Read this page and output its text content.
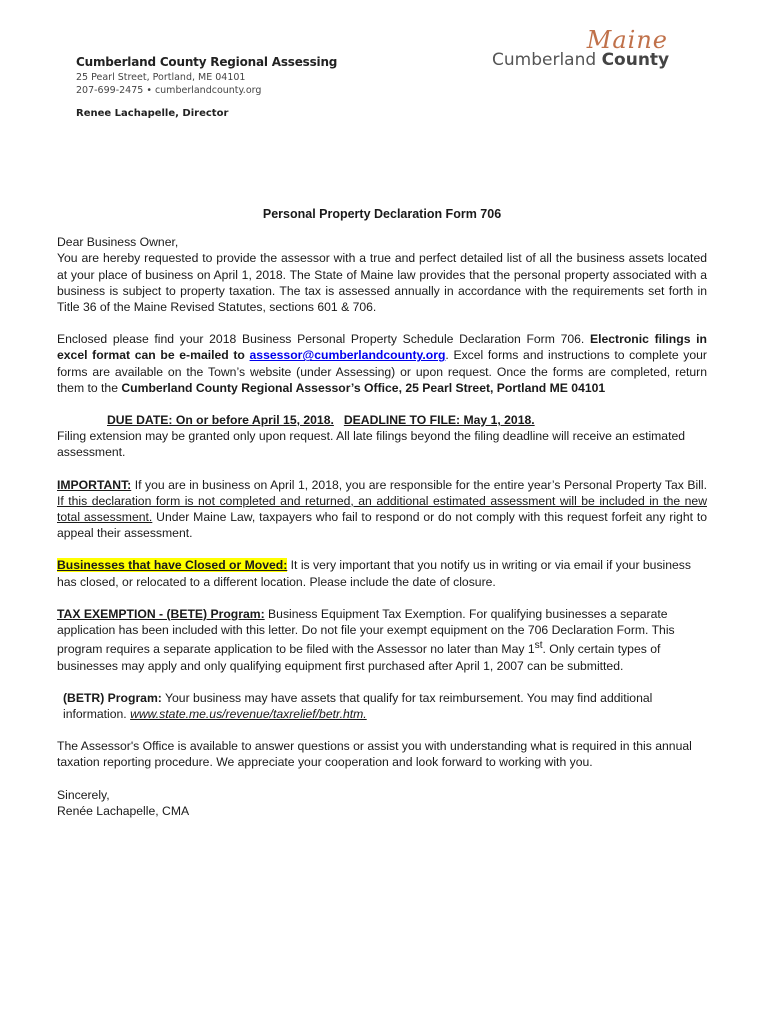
Cumberland County Regional Assessing
25 Pearl Street, Portland, ME 04101
207-699-2475 • cumberlandcounty.org
Renee Lachapelle, Director
Maine
Cumberland County
Personal Property Declaration Form 706
Dear Business Owner,

You are hereby requested to provide the assessor with a true and perfect detailed list of all the business assets located at your place of business on April 1, 2018. The State of Maine law provides that the personal property associated with a business is subject to property taxation. The tax is assessed annually in accordance with the requirements set forth in Title 36 of the Maine Revised Statutes, sections 601 & 706.

Enclosed please find your 2018 Business Personal Property Schedule Declaration Form 706. Electronic filings in excel format can be e-mailed to assessor@cumberlandcounty.org. Excel forms and instructions to complete your forms are available on the Town’s website (under Assessing) or upon request. Once the forms are completed, return them to the Cumberland County Regional Assessor’s Office, 25 Pearl Street, Portland ME 04101

DUE DATE: On or before April 15, 2018. DEADLINE TO FILE: May 1, 2018.

Filing extension may be granted only upon request. All late filings beyond the filing deadline will receive an estimated assessment.

IMPORTANT: If you are in business on April 1, 2018, you are responsible for the entire year’s Personal Property Tax Bill. If this declaration form is not completed and returned, an additional estimated assessment will be included in the new total assessment. Under Maine Law, taxpayers who fail to respond or do not comply with this request forfeit any right to appeal their assessment.

Businesses that have Closed or Moved: It is very important that you notify us in writing or via email if your business has closed, or relocated to a different location. Please include the date of closure.

TAX EXEMPTION - (BETE) Program: Business Equipment Tax Exemption. For qualifying businesses a separate application has been included with this letter. Do not file your exempt equipment on the 706 Declaration Form. This program requires a separate application to be filed with the Assessor no later than May 1st. Only certain types of businesses may apply and only qualifying equipment first purchased after April 1, 2007 can be submitted.

(BETR) Program: Your business may have assets that qualify for tax reimbursement. You may find additional information. www.state.me.us/revenue/taxrelief/betr.htm.

The Assessor's Office is available to answer questions or assist you with understanding what is required in this annual taxation reporting procedure. We appreciate your cooperation and look forward to working with you.

Sincerely,
Renée Lachapelle, CMA
